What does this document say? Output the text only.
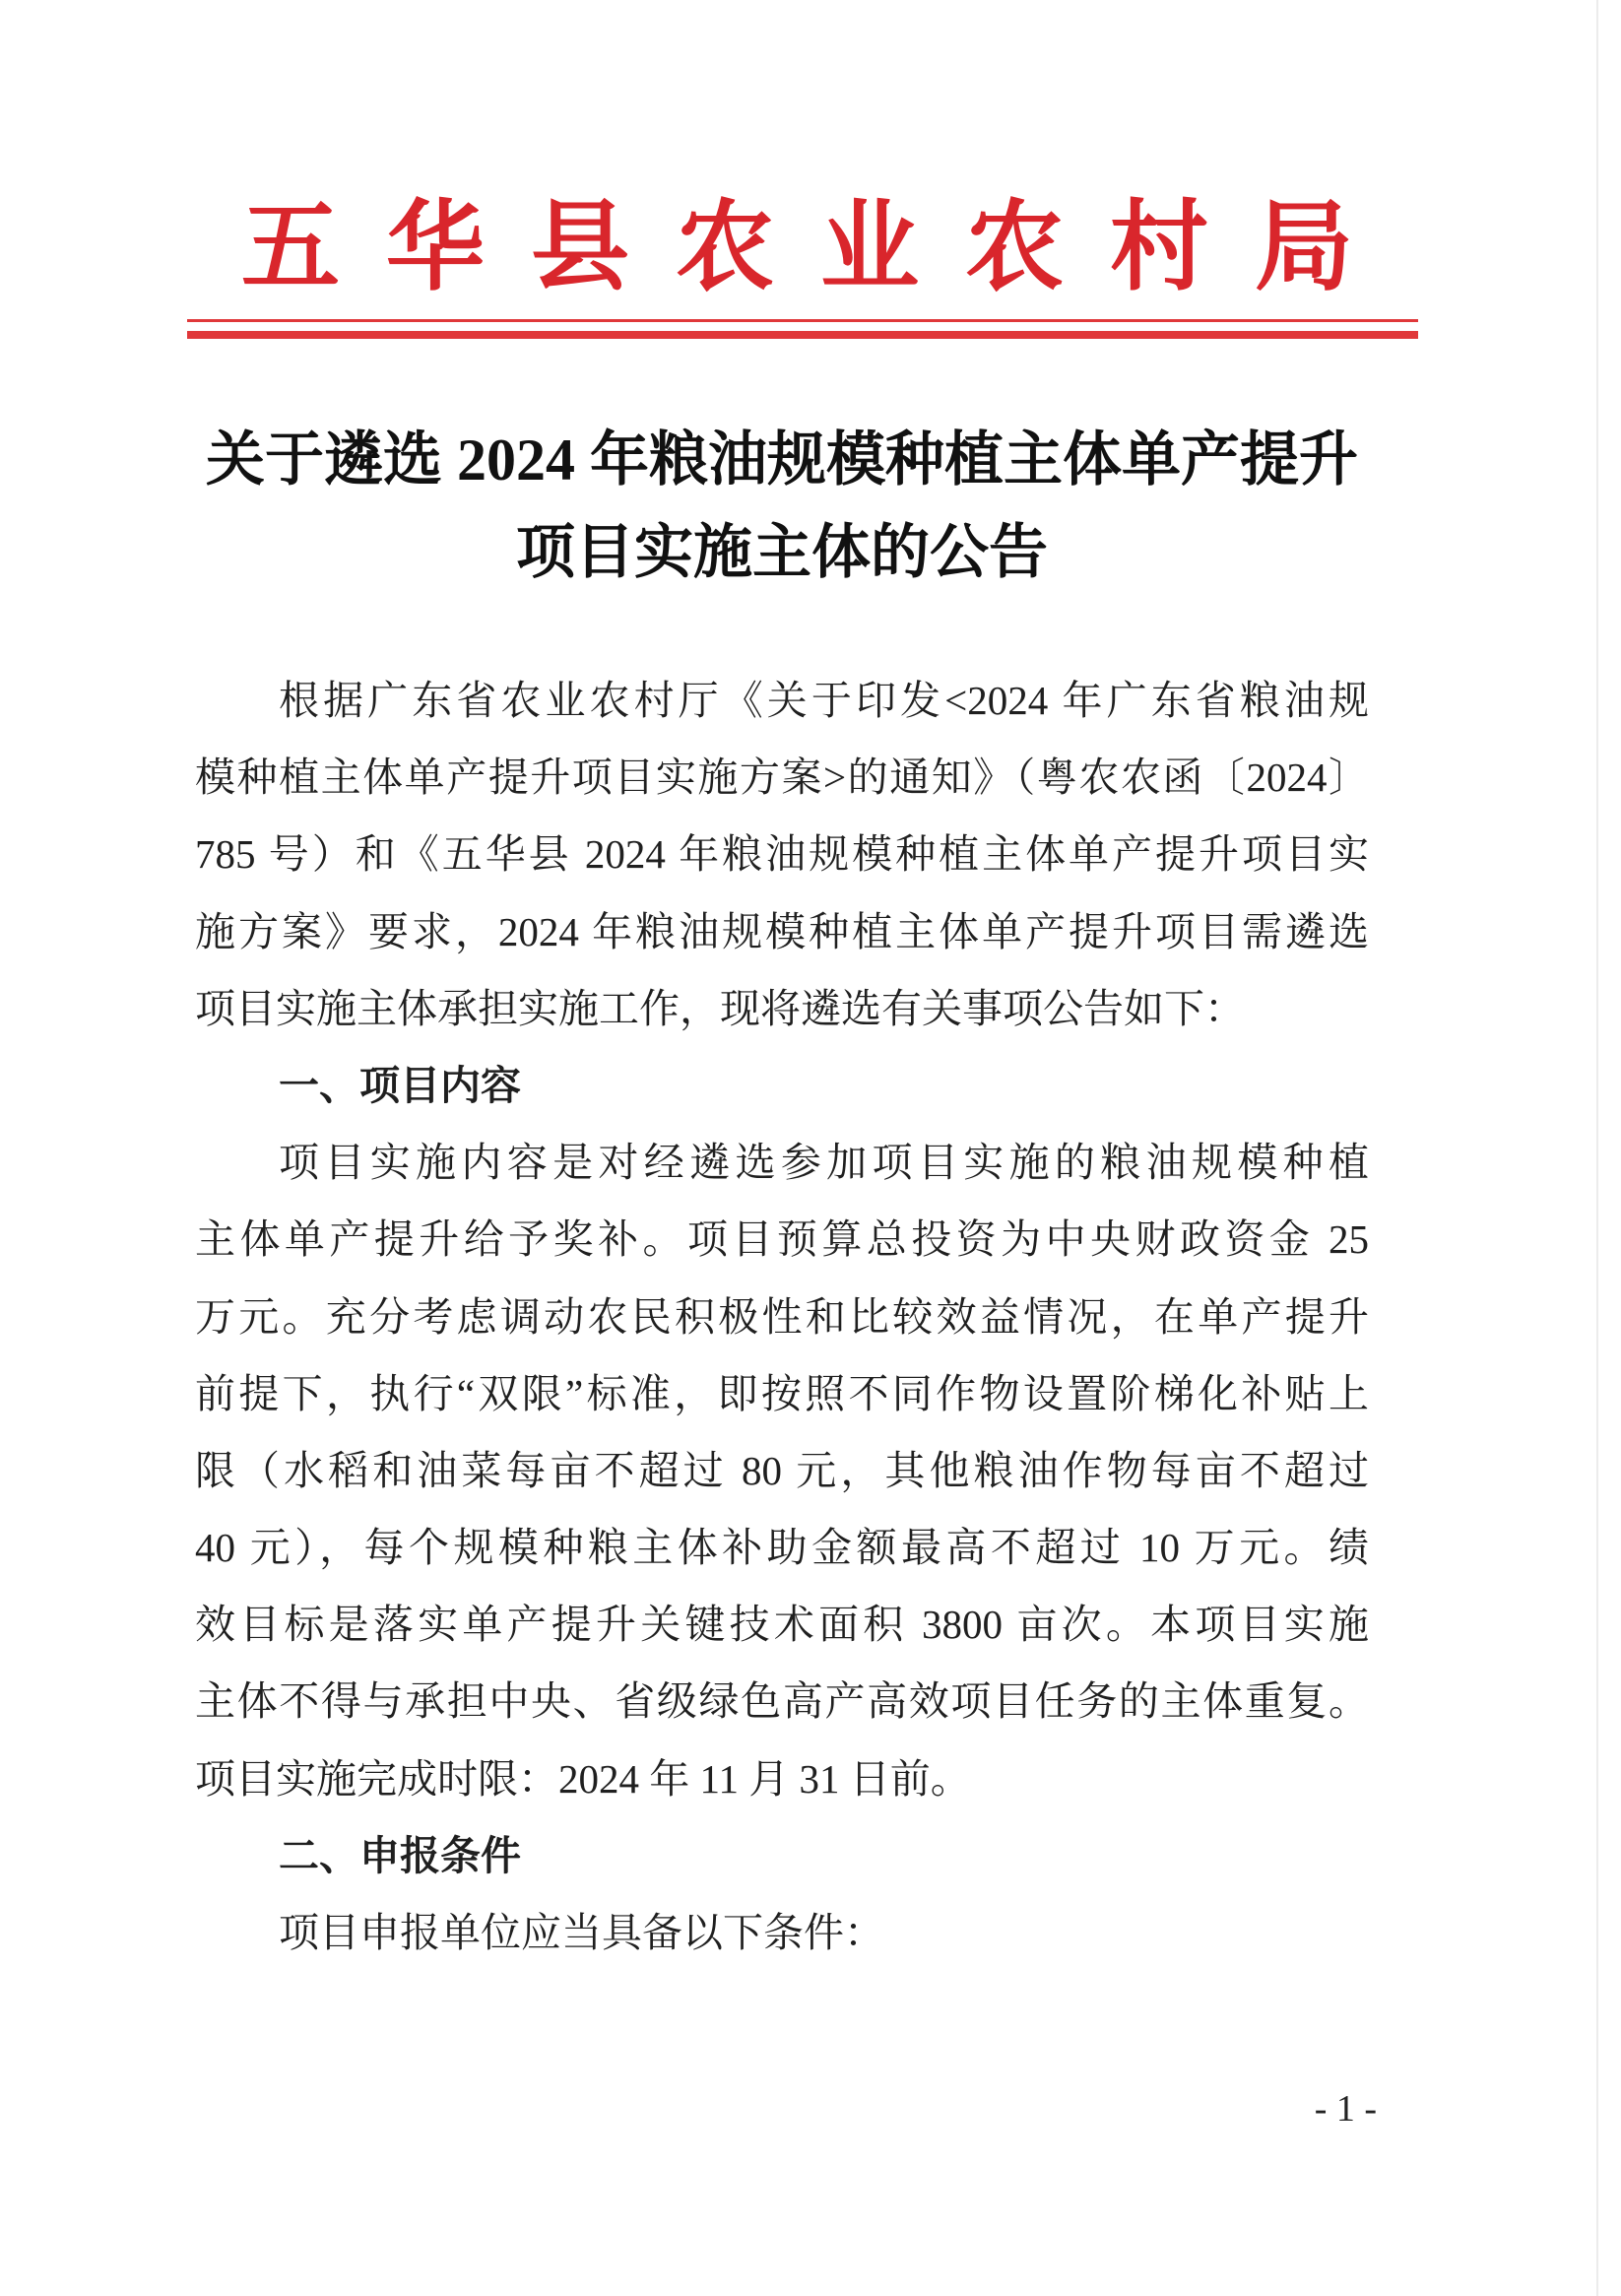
五华县农业农村局
关于遴选 2024 年粮油规模种植主体单产提升
项目实施主体的公告
根据广东省农业农村厅《关于印发<2024 年广东省粮油规
模种植主体单产提升项目实施方案>的通知》（粤农农函〔2024〕
785 号）和《五华县 2024 年粮油规模种植主体单产提升项目实
施方案》要求，2024 年粮油规模种植主体单产提升项目需遴选
项目实施主体承担实施工作，现将遴选有关事项公告如下：
一、项目内容
项目实施内容是对经遴选参加项目实施的粮油规模种植
主体单产提升给予奖补。项目预算总投资为中央财政资金 25
万元。充分考虑调动农民积极性和比较效益情况，在单产提升
前提下，执行“双限”标准，即按照不同作物设置阶梯化补贴上
限（水稻和油菜每亩不超过 80 元，其他粮油作物每亩不超过
40 元），每个规模种粮主体补助金额最高不超过 10 万元。绩
效目标是落实单产提升关键技术面积 3800 亩次。本项目实施
主体不得与承担中央、省级绿色高产高效项目任务的主体重复。
项目实施完成时限：2024 年 11 月 31 日前。
二、申报条件
项目申报单位应当具备以下条件：
- 1 -
